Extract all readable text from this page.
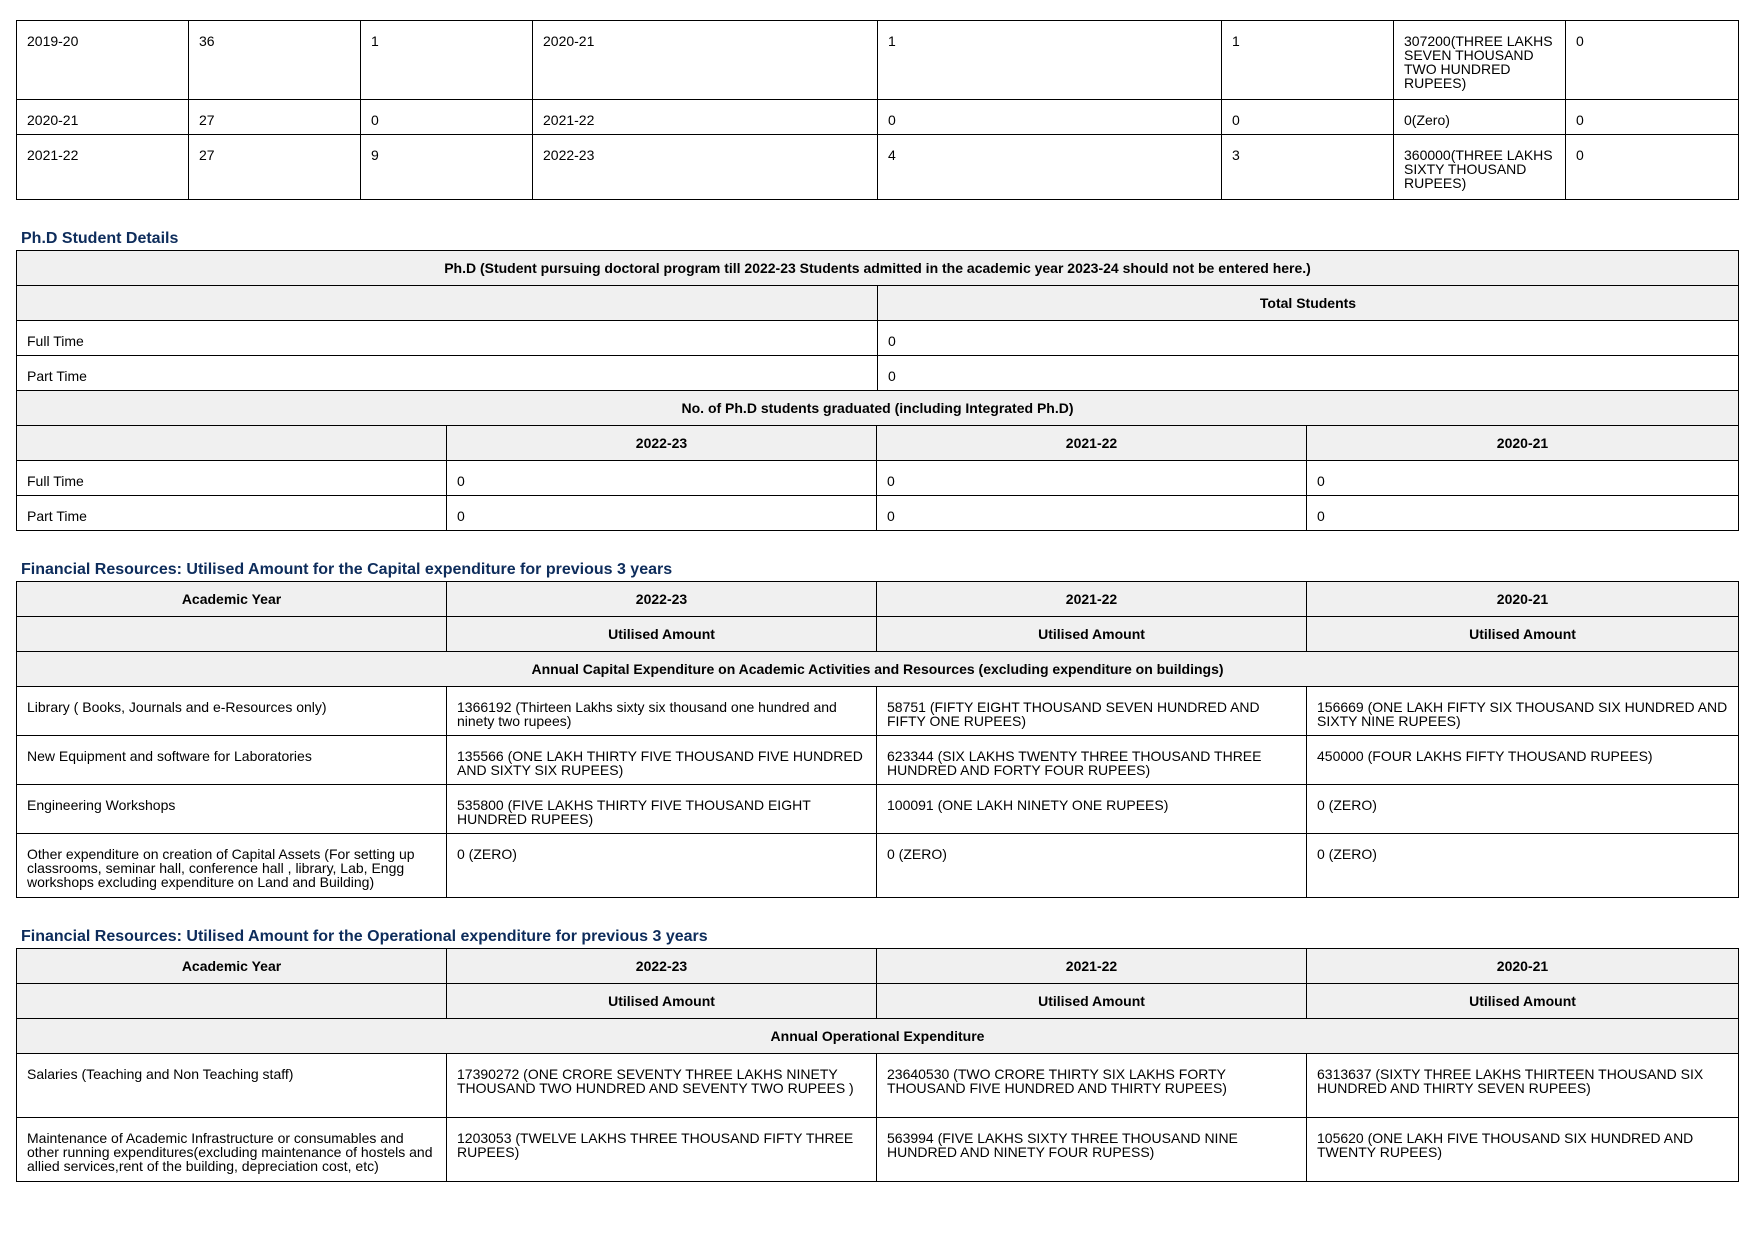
2019-20	36	1	2020-21	1	1	307200(THREE LAKHS SEVEN THOUSAND TWO HUNDRED RUPEES)	0
2020-21	27	0	2021-22	0	0	0(Zero)	0
2021-22	27	9	2022-23	4	3	360000(THREE LAKHS SIXTY THOUSAND RUPEES)	0
Ph.D Student Details
Ph.D (Student pursuing doctoral program till 2022-23 Students admitted in the academic year 2023-24 should not be entered here.)	
	Total Students
Full Time	0
Part Time	0
No. of Ph.D students graduated (including Integrated Ph.D)			
	2022-23	2021-22	2020-21
Full Time	0	0	0
Part Time	0	0	0
Financial Resources: Utilised Amount for the Capital expenditure for previous 3 years
Academic Year	2022-23	2021-22	2020-21
	Utilised Amount	Utilised Amount	Utilised Amount
Annual Capital Expenditure on Academic Activities and Resources (excluding expenditure on buildings)			
Library ( Books, Journals and e-Resources only)	1366192 (Thirteen Lakhs sixty six thousand one hundred and ninety two rupees)	58751 (FIFTY EIGHT THOUSAND SEVEN HUNDRED AND FIFTY ONE RUPEES)	156669 (ONE LAKH FIFTY SIX THOUSAND SIX HUNDRED AND SIXTY NINE RUPEES)
New Equipment and software for Laboratories	135566 (ONE LAKH THIRTY FIVE THOUSAND FIVE HUNDRED AND SIXTY SIX RUPEES)	623344 (SIX LAKHS TWENTY THREE THOUSAND THREE HUNDRED AND FORTY FOUR RUPEES)	450000 (FOUR LAKHS FIFTY THOUSAND RUPEES)
Engineering Workshops	535800 (FIVE LAKHS THIRTY FIVE THOUSAND EIGHT HUNDRED RUPEES)	100091 (ONE LAKH NINETY ONE RUPEES)	0 (ZERO)
Other expenditure on creation of Capital Assets (For setting up classrooms, seminar hall, conference hall , library, Lab, Engg workshops excluding expenditure on Land and Building)	0 (ZERO)	0 (ZERO)	0 (ZERO)
Financial Resources: Utilised Amount for the Operational expenditure for previous 3 years
Academic Year	2022-23	2021-22	2020-21
	Utilised Amount	Utilised Amount	Utilised Amount
Annual Operational Expenditure			
Salaries (Teaching and Non Teaching staff)	17390272 (ONE CRORE SEVENTY THREE LAKHS NINETY THOUSAND TWO HUNDRED AND SEVENTY TWO RUPEES )	23640530 (TWO CRORE THIRTY SIX LAKHS FORTY THOUSAND FIVE HUNDRED AND THIRTY RUPEES)	6313637 (SIXTY THREE LAKHS THIRTEEN THOUSAND SIX HUNDRED AND THIRTY SEVEN RUPEES)
Maintenance of Academic Infrastructure or consumables and other running expenditures(excluding maintenance of hostels and allied services,rent of the building, depreciation cost, etc)	1203053 (TWELVE LAKHS THREE THOUSAND FIFTY THREE RUPEES)	563994 (FIVE LAKHS SIXTY THREE THOUSAND NINE HUNDRED AND NINETY FOUR RUPESS)	105620 (ONE LAKH FIVE THOUSAND SIX HUNDRED AND TWENTY RUPEES)
